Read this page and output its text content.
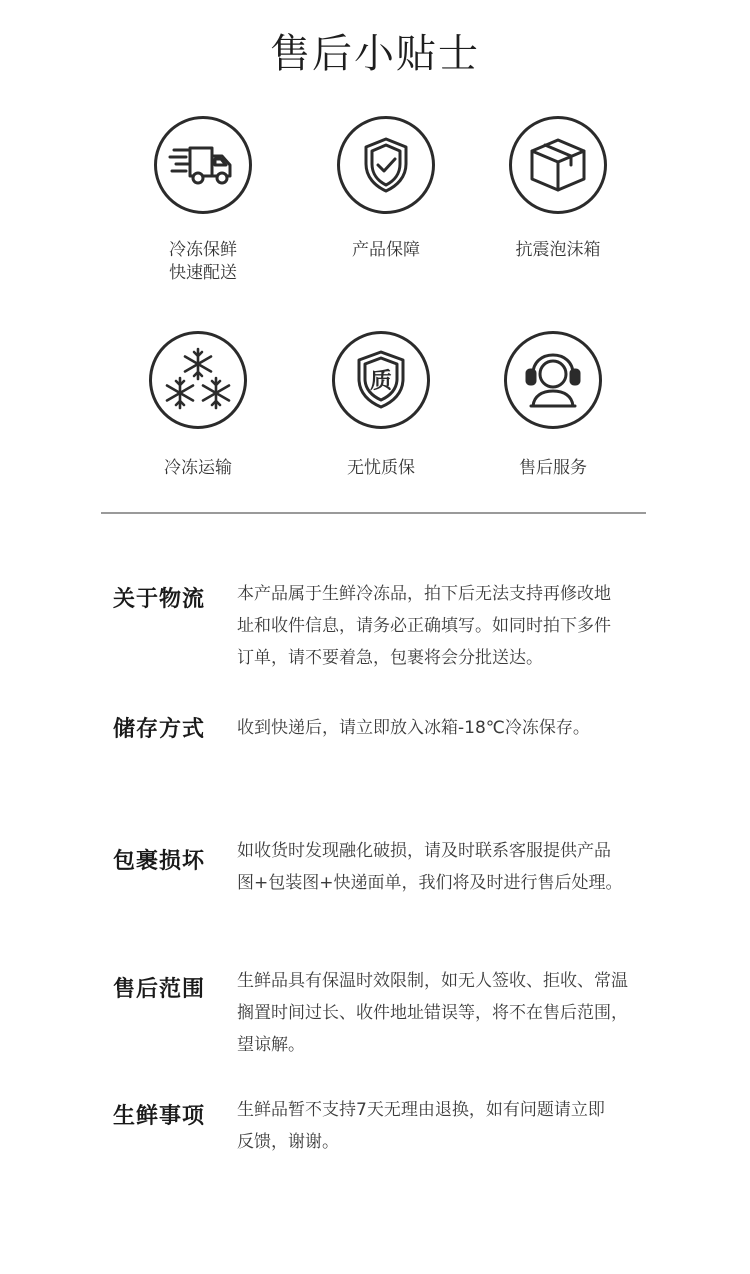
售后小贴士
冷冻保鲜
快速配送
产品保障	抗震泡沫箱
冷冻运输
质
无忧质保	售后服务
关于物流	本产品属于生鲜冷冻品，拍下后无法支持再修改地
址和收件信息，请务必正确填写。如同时拍下多件
订单，请不要着急，包裹将会分批送达。
储存方式	收到快递后，请立即放入冰箱-18℃冷冻保存。
包裹损坏	如收货时发现融化破损，请及时联系客服提供产品
图+包装图+快递面单，我们将及时进行售后处理。
售后范围	生鲜品具有保温时效限制，如无人签收、拒收、常温
搁置时间过长、收件地址错误等，将不在售后范围，
望谅解。
生鲜事项	生鲜品暂不支持7天无理由退换，如有问题请立即
反馈，谢谢。
